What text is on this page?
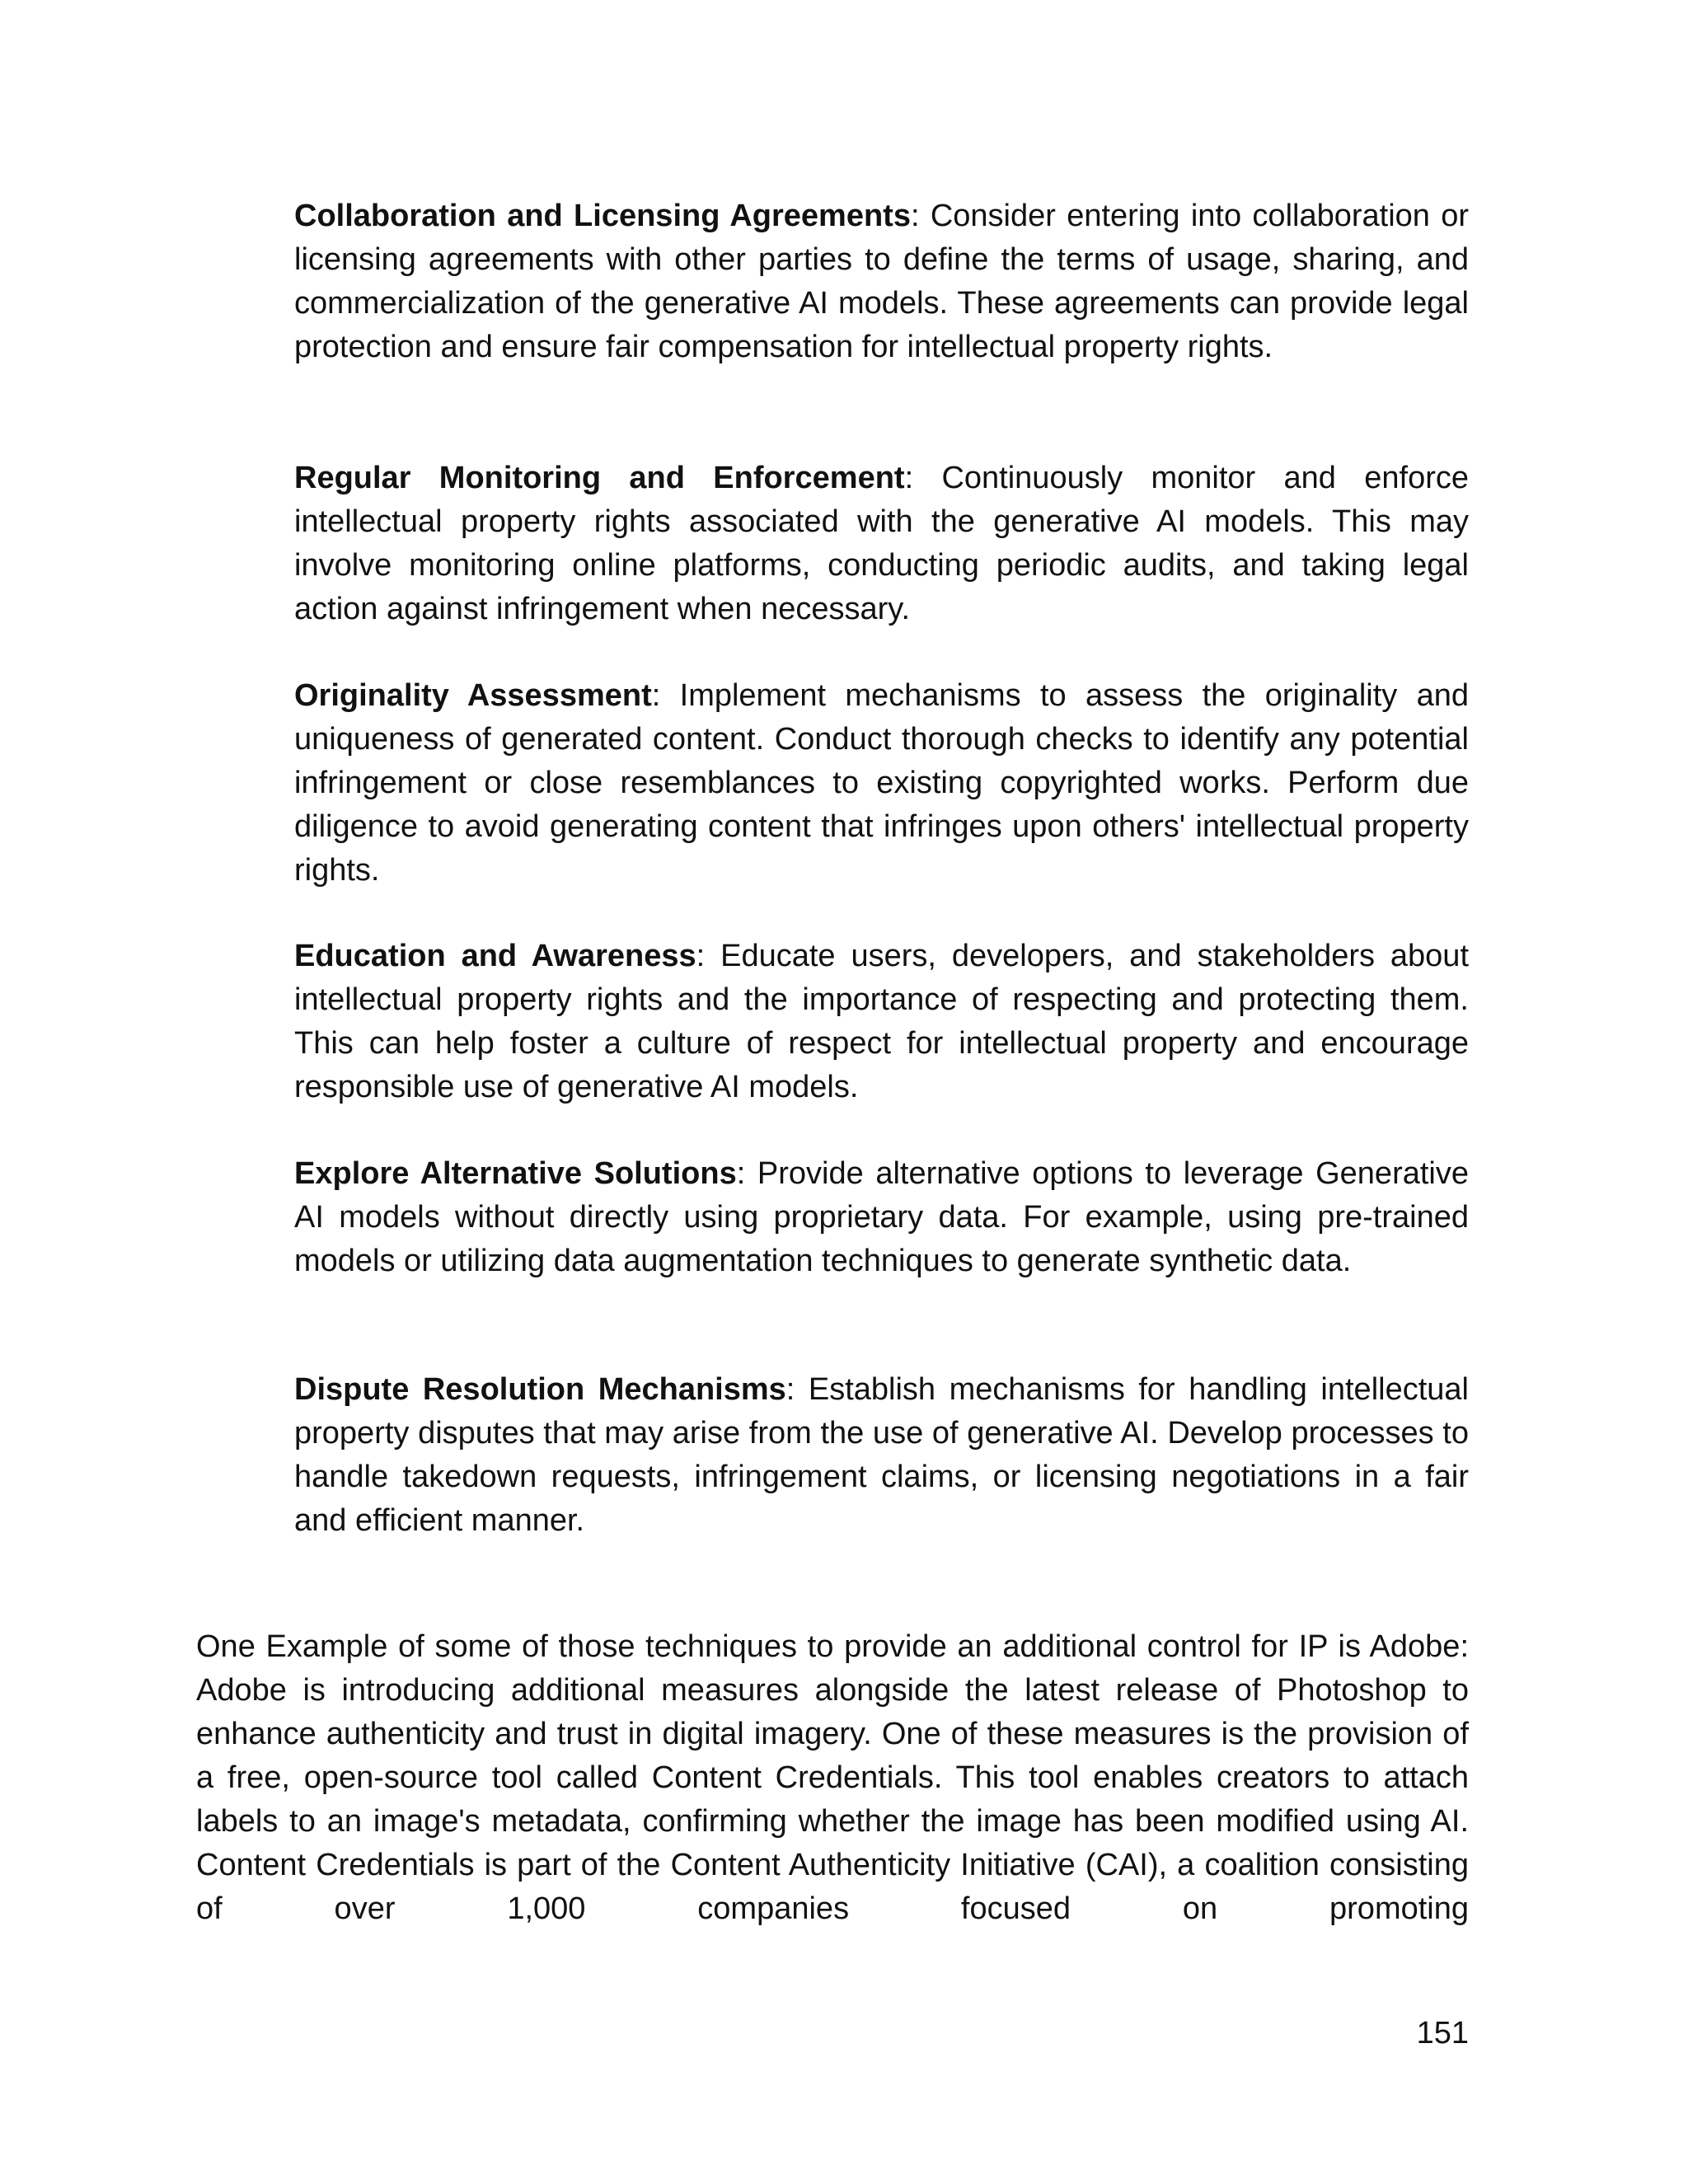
Collaboration and Licensing Agreements: Consider entering into collaboration or licensing agreements with other parties to define the terms of usage, sharing, and commercialization of the generative AI models. These agreements can provide legal protection and ensure fair compensation for intellectual property rights.

Regular Monitoring and Enforcement: Continuously monitor and enforce intellectual property rights associated with the generative AI models. This may involve monitoring online platforms, conducting periodic audits, and taking legal action against infringement when necessary.

Originality Assessment: Implement mechanisms to assess the originality and uniqueness of generated content. Conduct thorough checks to identify any potential infringement or close resemblances to existing copyrighted works. Perform due diligence to avoid generating content that infringes upon others' intellectual property rights.

Education and Awareness: Educate users, developers, and stakeholders about intellectual property rights and the importance of respecting and protecting them. This can help foster a culture of respect for intellectual property and encourage responsible use of generative AI models.

Explore Alternative Solutions: Provide alternative options to leverage Generative AI models without directly using proprietary data. For example, using pre-trained models or utilizing data augmentation techniques to generate synthetic data.

Dispute Resolution Mechanisms: Establish mechanisms for handling intellectual property disputes that may arise from the use of generative AI. Develop processes to handle takedown requests, infringement claims, or licensing negotiations in a fair and efficient manner.

One Example of some of those techniques to provide an additional control for IP is Adobe: Adobe is introducing additional measures alongside the latest release of Photoshop to enhance authenticity and trust in digital imagery. One of these measures is the provision of a free, open-source tool called Content Credentials. This tool enables creators to attach labels to an image's metadata, confirming whether the image has been modified using AI. Content Credentials is part of the Content Authenticity Initiative (CAI), a coalition consisting of over 1,000 companies focused on promoting

151
